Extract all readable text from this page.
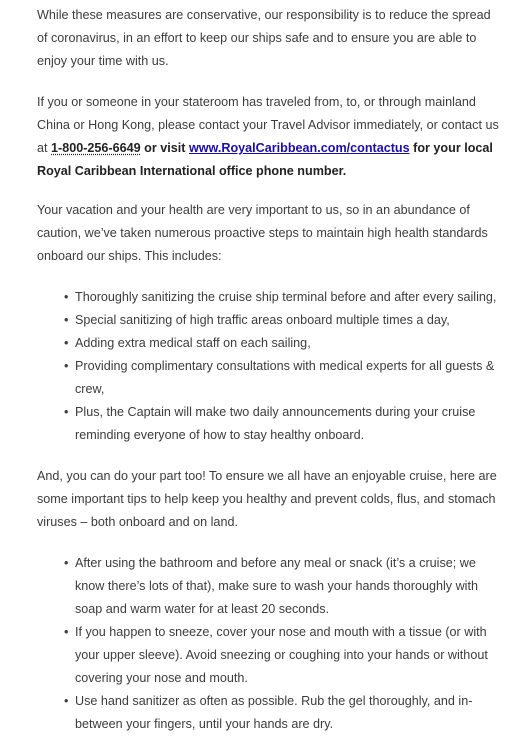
While these measures are conservative, our responsibility is to reduce the spread of coronavirus, in an effort to keep our ships safe and to ensure you are able to enjoy your time with us.

If you or someone in your stateroom has traveled from, to, or through mainland China or Hong Kong, please contact your Travel Advisor immediately, or contact us at 1-800-256-6649 or visit www.RoyalCaribbean.com/contactus for your local Royal Caribbean International office phone number.

Your vacation and your health are very important to us, so in an abundance of caution, we’ve taken numerous proactive steps to maintain high health standards onboard our ships. This includes:

• Thoroughly sanitizing the cruise ship terminal before and after every sailing,
• Special sanitizing of high traffic areas onboard multiple times a day,
• Adding extra medical staff on each sailing,
• Providing complimentary consultations with medical experts for all guests & crew,
• Plus, the Captain will make two daily announcements during your cruise reminding everyone of how to stay healthy onboard.

And, you can do your part too! To ensure we all have an enjoyable cruise, here are some important tips to help keep you healthy and prevent colds, flus, and stomach viruses – both onboard and on land.

• After using the bathroom and before any meal or snack (it’s a cruise; we know there’s lots of that), make sure to wash your hands thoroughly with soap and warm water for at least 20 seconds.
• If you happen to sneeze, cover your nose and mouth with a tissue (or with your upper sleeve). Avoid sneezing or coughing into your hands or without covering your nose and mouth.
• Use hand sanitizer as often as possible. Rub the gel thoroughly, and in-between your fingers, until your hands are dry.
